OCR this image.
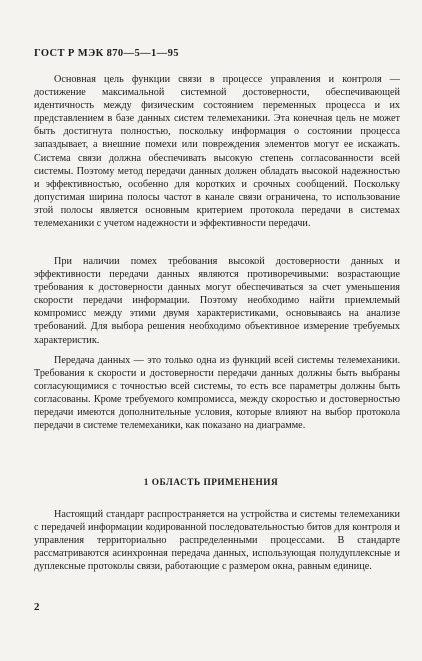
ГОСТ Р МЭК 870—5—1—95

Основная цель функции связи в процессе управления и контроля — достижение максимальной системной достоверности, обеспечивающей идентичность между физическим состоянием переменных процесса и их представлением в базе данных систем телемеханики. Эта конечная цель не может быть достигнута полностью, поскольку информация о состоянии процесса запаздывает, а внешние помехи или повреждения элементов могут ее искажать. Система связи должна обеспечивать высокую степень согласованности всей системы. Поэтому метод передачи данных должен обладать высокой надежностью и эффективностью, особенно для коротких и срочных сообщений. Поскольку допустимая ширина полосы частот в канале связи ограничена, то использование этой полосы является основным критерием протокола передачи в системах телемеханики с учетом надежности и эффективности передачи.

При наличии помех требования высокой достоверности данных и эффективности передачи данных являются противоречивыми: возрастающие требования к достоверности данных могут обеспечиваться за счет уменьшения скорости передачи информации. Поэтому необходимо найти приемлемый компромисс между этими двумя характеристиками, основываясь на анализе требований. Для выбора решения необходимо объективное измерение требуемых характеристик.

Передача данных — это только одна из функций всей системы телемеханики. Требования к скорости и достоверности передачи данных должны быть выбраны согласующимися с точностью всей системы, то есть все параметры должны быть согласованы. Кроме требуемого компромисса, между скоростью и достоверностью передачи имеются дополнительные условия, которые влияют на выбор протокола передачи в системе телемеханики, как показано на диаграмме.

1 ОБЛАСТЬ ПРИМЕНЕНИЯ

Настоящий стандарт распространяется на устройства и системы телемеханики с передачей информации кодированной последовательностью битов для контроля и управления территориально распределенными процессами. В стандарте рассматриваются асинхронная передача данных, использующая полудуплексные и дуплексные протоколы связи, работающие с размером окна, равным единице.

2
